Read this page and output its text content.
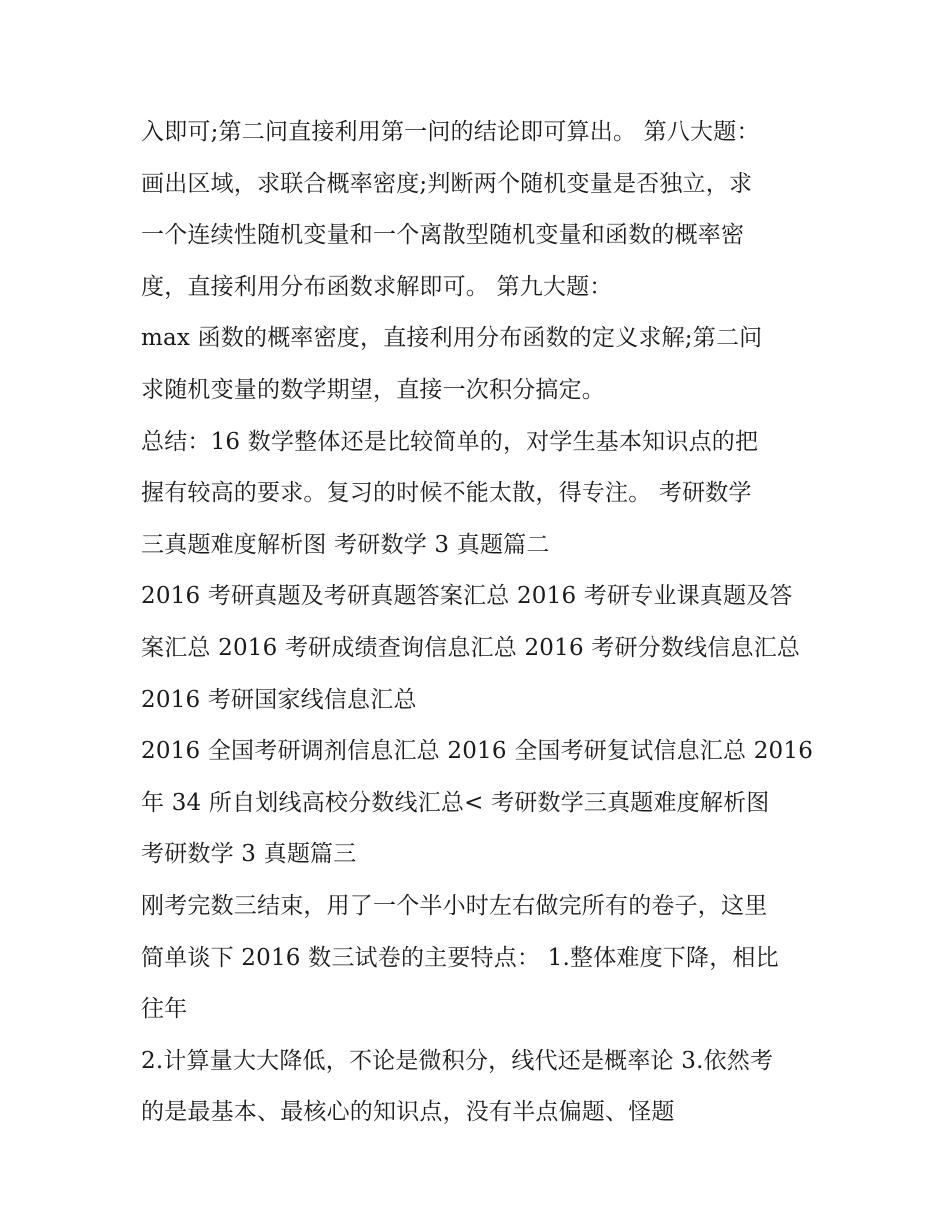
入即可;第二问直接利用第一问的结论即可算出。 第八大题：
画出区域，求联合概率密度;判断两个随机变量是否独立，求
一个连续性随机变量和一个离散型随机变量和函数的概率密
度，直接利用分布函数求解即可。 第九大题：
max 函数的概率密度，直接利用分布函数的定义求解;第二问
求随机变量的数学期望，直接一次积分搞定。
总结：16 数学整体还是比较简单的，对学生基本知识点的把
握有较高的要求。复习的时候不能太散，得专注。 考研数学
三真题难度解析图 考研数学 3 真题篇二
2016 考研真题及考研真题答案汇总 2016 考研专业课真题及答
案汇总 2016 考研成绩查询信息汇总 2016 考研分数线信息汇总
2016 考研国家线信息汇总
2016 全国考研调剂信息汇总 2016 全国考研复试信息汇总 2016
年 34 所自划线高校分数线汇总< 考研数学三真题难度解析图
考研数学 3 真题篇三
刚考完数三结束，用了一个半小时左右做完所有的卷子，这里
简单谈下 2016 数三试卷的主要特点： 1.整体难度下降，相比
往年
2.计算量大大降低，不论是微积分，线代还是概率论 3.依然考
的是最基本、最核心的知识点，没有半点偏题、怪题
